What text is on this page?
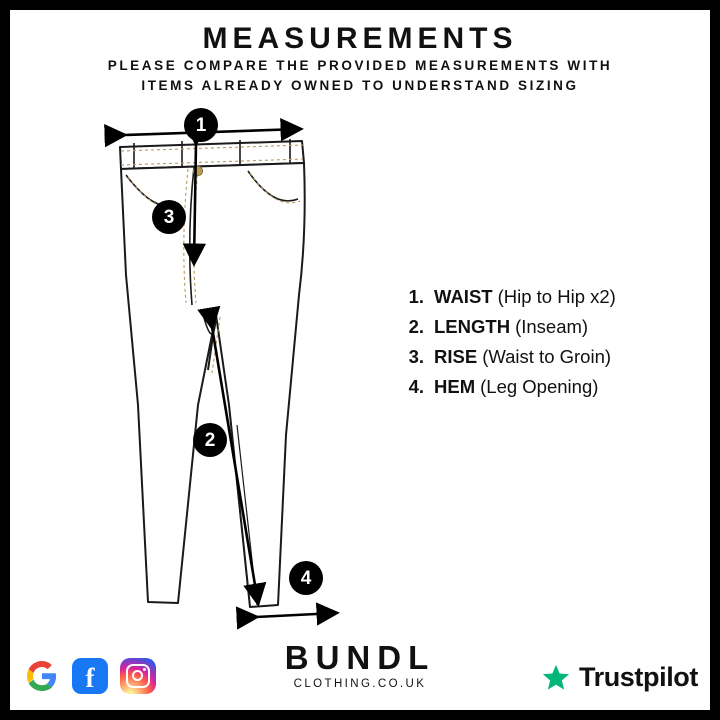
MEASUREMENTS
PLEASE COMPARE THE PROVIDED MEASUREMENTS WITH
ITEMS ALREADY OWNED TO UNDERSTAND SIZING
1
3
2
4
1. WAIST (Hip to Hip x2)
2. LENGTH (Inseam)
3. RISE (Waist to Groin)
4. HEM (Leg Opening)
BUNDL
CLOTHING.CO.UK
f	Trustpilot
